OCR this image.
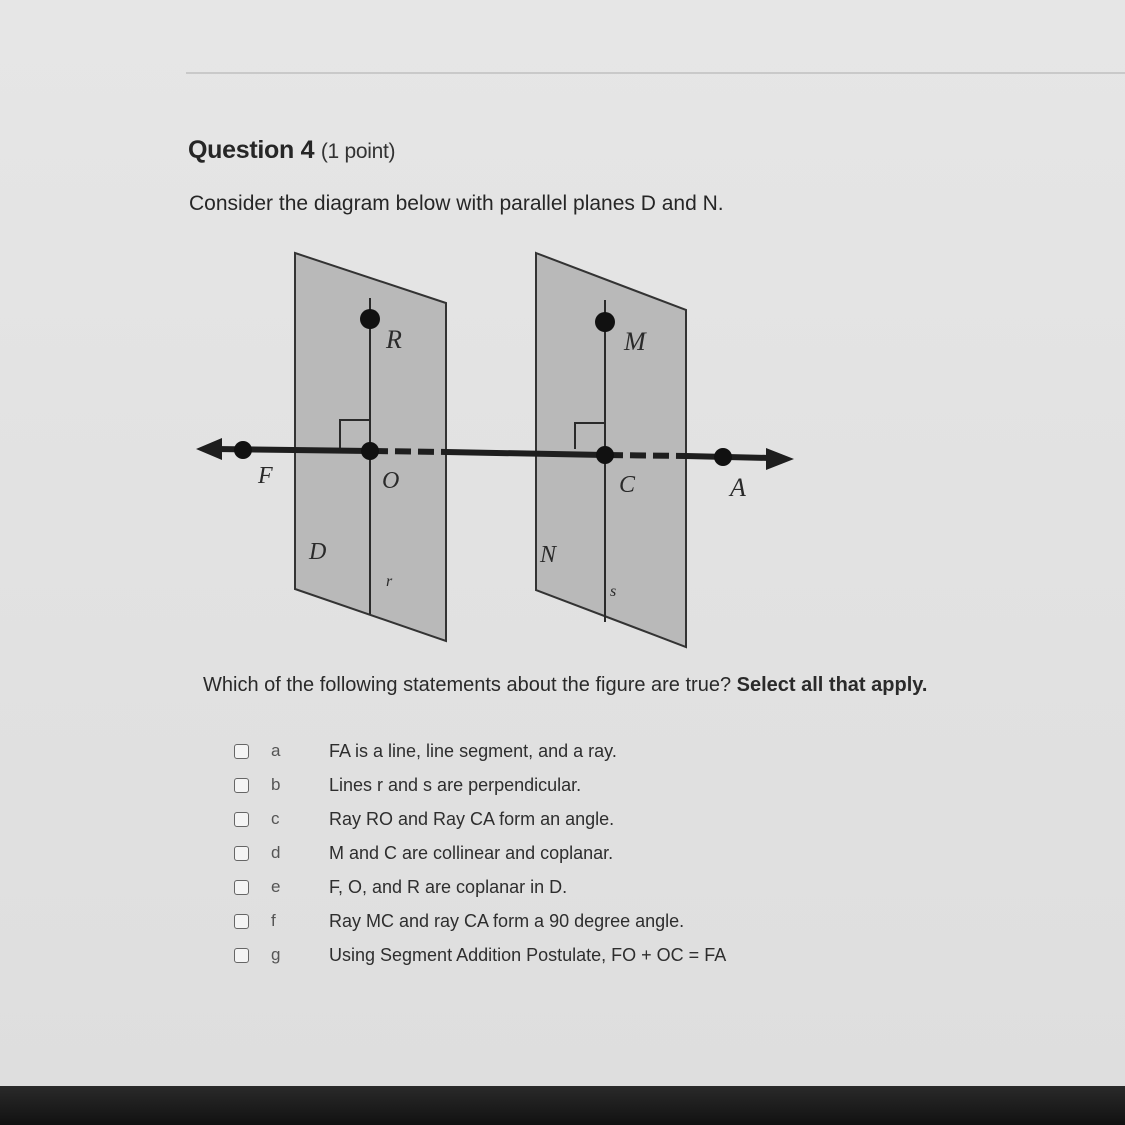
Question 4 (1 point)
Consider the diagram below with parallel planes D and N.
R	M
F	O	C	A
D	N
r
s
Which of the following statements about the figure are true? Select all that apply.
a	FA is a line, line segment, and a ray.
b	Lines r and s are perpendicular.
c	Ray RO and Ray CA form an angle.
d	M and C are collinear and coplanar.
e	F, O, and R are coplanar in D.
f	Ray MC and ray CA form a 90 degree angle.
g	Using Segment Addition Postulate, FO + OC = FA
